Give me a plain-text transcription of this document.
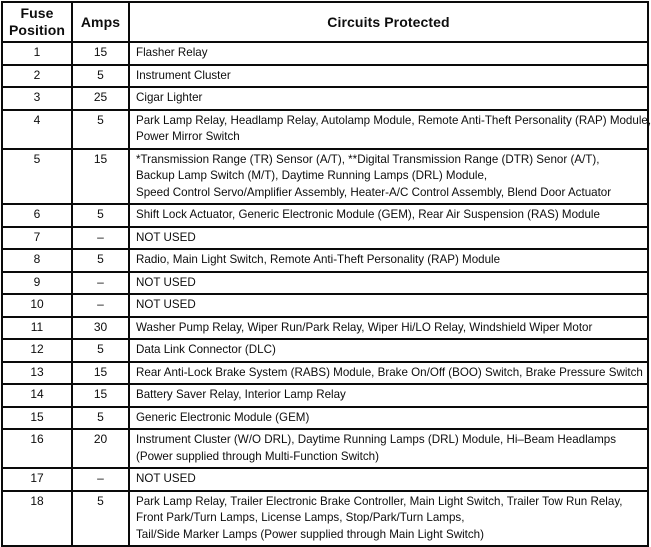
Fuse Position	Amps	Circuits Protected
1	15	Flasher Relay

2	5	Instrument Cluster

3	25	Cigar Lighter

4	5	Park Lamp Relay, Headlamp Relay, Autolamp Module, Remote Anti-Theft Personality (RAP) Module,
Power Mirror Switch

5	15	*Transmission Range (TR) Sensor (A/T), **Digital Transmission Range (DTR) Senor (A/T),
Backup Lamp Switch (M/T), Daytime Running Lamps (DRL) Module,
Speed Control Servo/Amplifier Assembly, Heater-A/C Control Assembly, Blend Door Actuator

6	5	Shift Lock Actuator, Generic Electronic Module (GEM), Rear Air Suspension (RAS) Module

7	–	NOT USED

8	5	Radio, Main Light Switch, Remote Anti-Theft Personality (RAP) Module

9	–	NOT USED

10	–	NOT USED

11	30	Washer Pump Relay, Wiper Run/Park Relay, Wiper Hi/LO Relay, Windshield Wiper Motor

12	5	Data Link Connector (DLC)

13	15	Rear Anti-Lock Brake System (RABS) Module, Brake On/Off (BOO) Switch, Brake Pressure Switch

14	15	Battery Saver Relay, Interior Lamp Relay

15	5	Generic Electronic Module (GEM)

16	20	Instrument Cluster (W/O DRL), Daytime Running Lamps (DRL) Module, Hi–Beam Headlamps
(Power supplied through Multi-Function Switch)

17	–	NOT USED

18	5	Park Lamp Relay, Trailer Electronic Brake Controller, Main Light Switch, Trailer Tow Run Relay,
Front Park/Turn Lamps, License Lamps, Stop/Park/Turn Lamps,
Tail/Side Marker Lamps (Power supplied through Main Light Switch)
